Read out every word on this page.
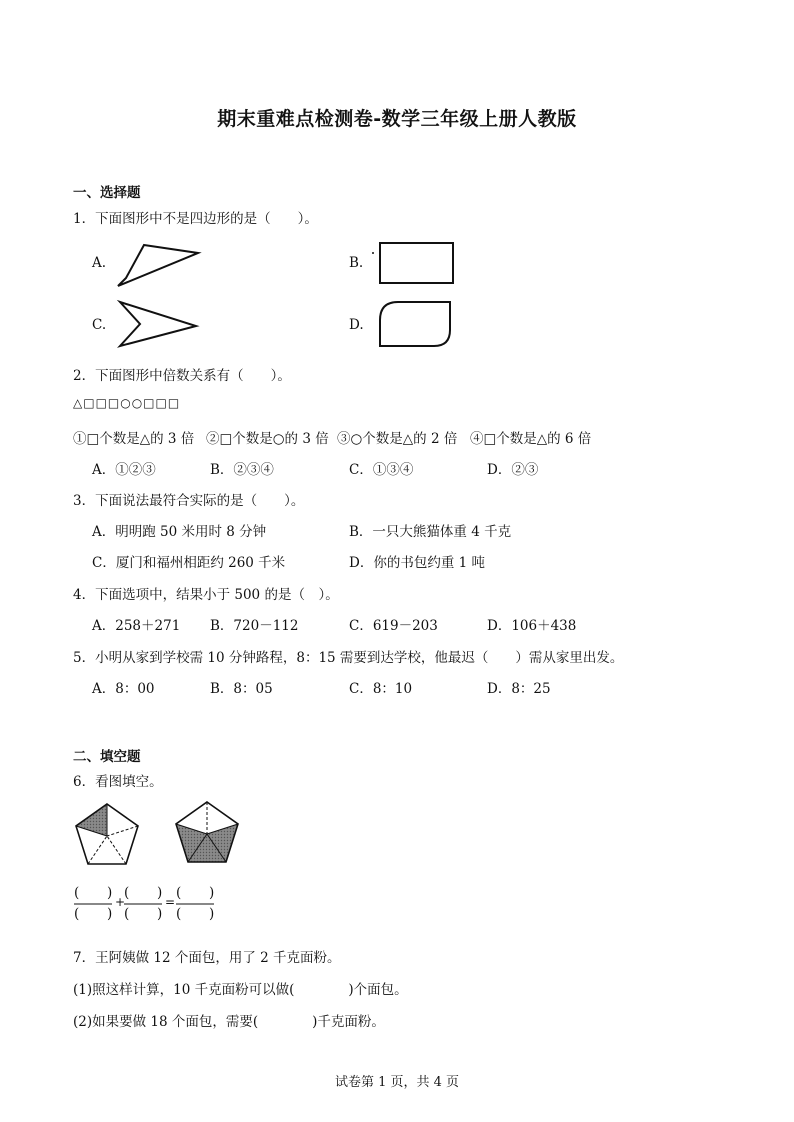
期末重难点检测卷-数学三年级上册人教版
一、选择题
1．下面图形中不是四边形的是（　　）。
A.	B.
C.	D.
2．下面图形中倍数关系有（　　）。
△□□□○○□□□
①□个数是△的 3 倍 ②□个数是○的 3 倍 ③○个数是△的 2 倍 ④□个数是△的 6 倍
A．①②③	B．②③④	C．①③④	D．②③
3．下面说法最符合实际的是（　　）。
A．明明跑 50 米用时 8 分钟	B．一只大熊猫体重 4 千克
C．厦门和福州相距约 260 千米	D．你的书包约重 1 吨
4．下面选项中，结果小于 500 的是（　）。
A．258＋271 B．720－112	C．619－203	D．106＋438
5．小明从家到学校需 10 分钟路程，8：15 需要到达学校，他最迟（　　）需从家里出发。
A．8：00	B．8：05	C．8：10	D．8：25
二、填空题
6．看图填空。
( )
( )
+
( )
( )
=
( )
( )
7．王阿姨做 12 个面包，用了 2 千克面粉。
(1)照这样计算，10 千克面粉可以做(　　　　)个面包。
(2)如果要做 18 个面包，需要(　　　　)千克面粉。
试卷第 1 页，共 4 页
